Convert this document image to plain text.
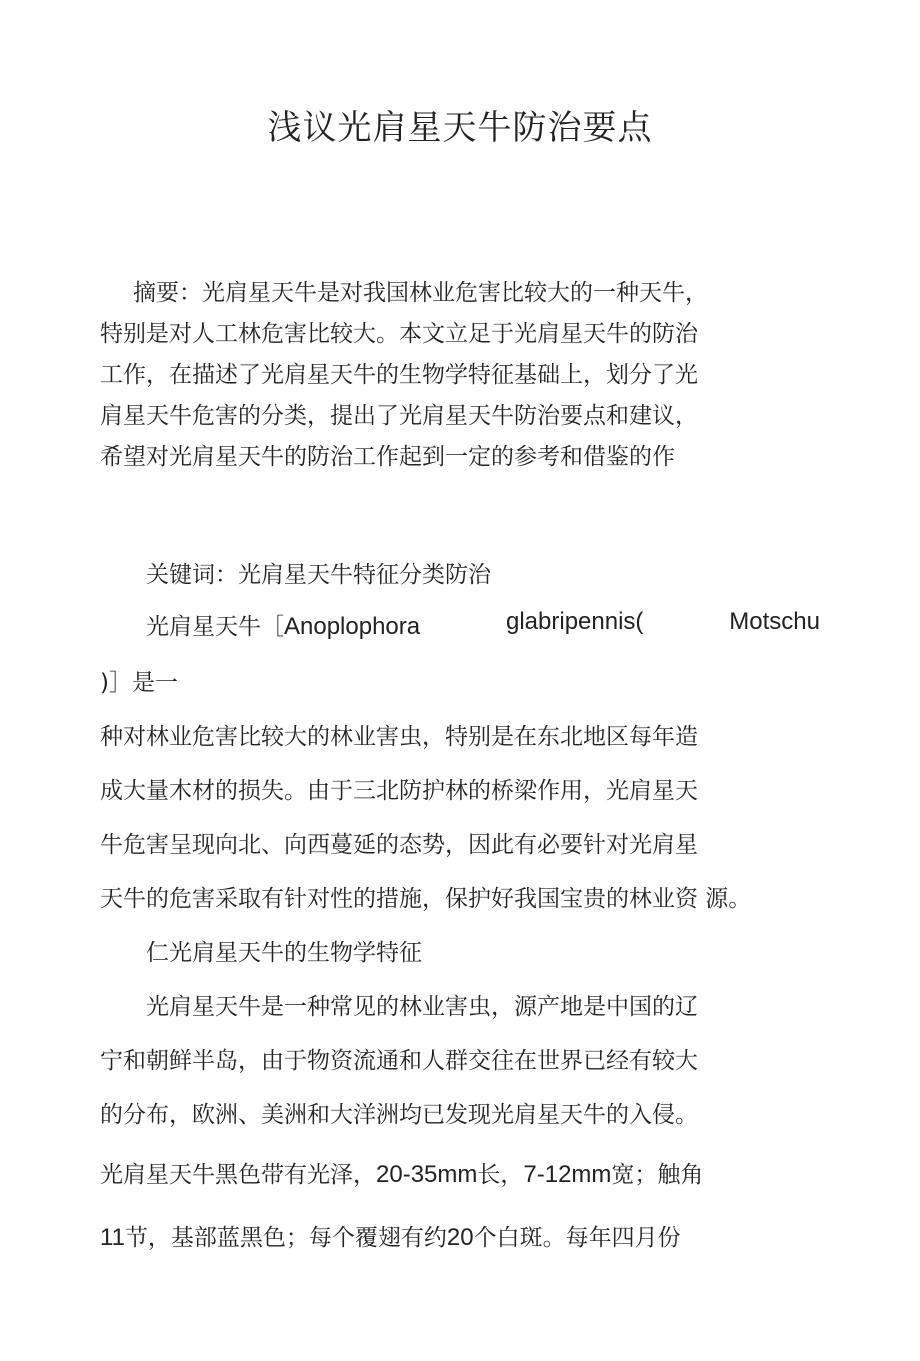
浅议光肩星天牛防治要点
摘要：光肩星天牛是对我国林业危害比较大的一种天牛，
特别是对人工林危害比较大。本文立足于光肩星天牛的防治
工作，在描述了光肩星天牛的生物学特征基础上，划分了光
肩星天牛危害的分类，提出了光肩星天牛防治要点和建议，
希望对光肩星天牛的防治工作起到一定的参考和借鉴的作
关键词：光肩星天牛特征分类防治
光肩星天牛［Anoplophora	glabripennis(	Motschu
)］是一
种对林业危害比较大的林业害虫，特别是在东北地区每年造
成大量木材的损失。由于三北防护林的桥梁作用，光肩星天
牛危害呈现向北、向西蔓延的态势，因此有必要针对光肩星
天牛的危害采取有针对性的措施，保护好我国宝贵的林业资 源。
仁光肩星天牛的生物学特征
光肩星天牛是一种常见的林业害虫，源产地是中国的辽
宁和朝鲜半岛，由于物资流通和人群交往在世界已经有较大
的分布，欧洲、美洲和大洋洲均已发现光肩星天牛的入侵。
光肩星天牛黑色带有光泽，20-35mm长，7-12mm宽；触角
11节，基部蓝黑色；每个覆翅有约20个白斑。每年四月份
